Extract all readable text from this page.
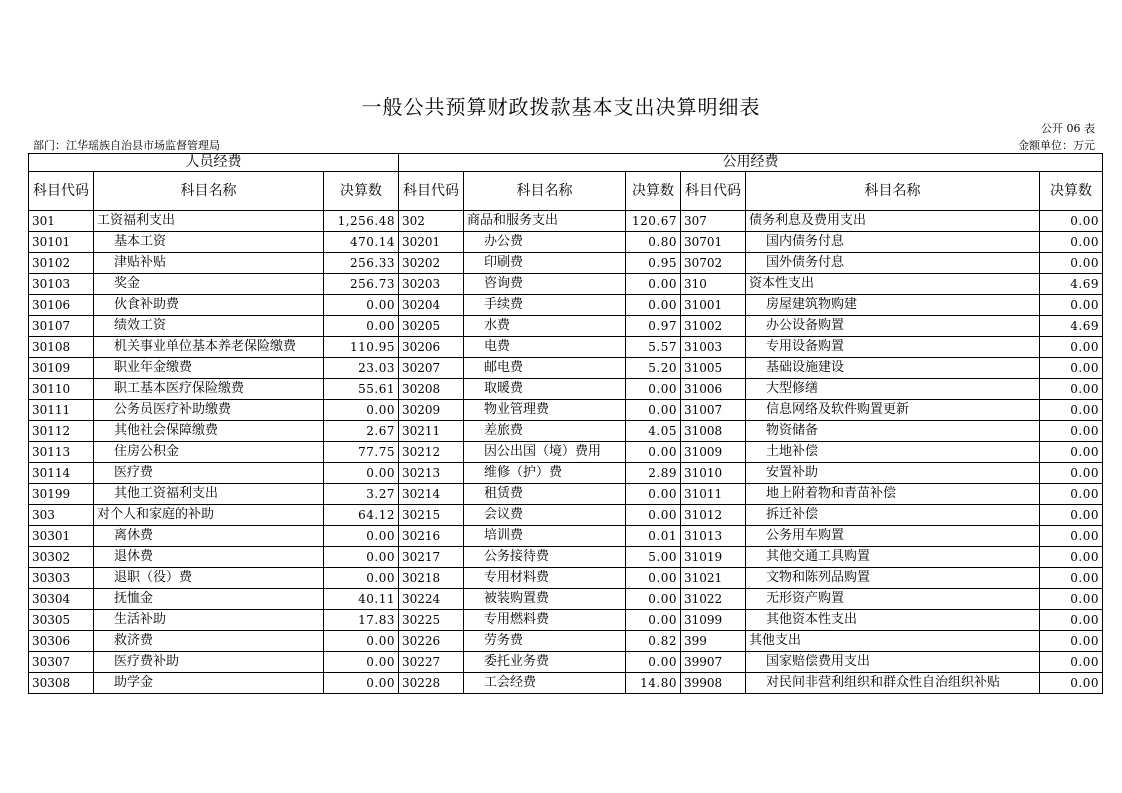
一般公共预算财政拨款基本支出决算明细表
公开 06 表
部门：江华瑶族自治县市场监督管理局	金额单位：万元
人员经费			公用经费					
科目代码	科目名称	决算数	科目代码	科目名称	决算数	科目代码	科目名称	决算数
301	工资福利支出	1,256.48	302	商品和服务支出	120.67	307	债务利息及费用支出	0.00
30101	基本工资	470.14	30201	办公费	0.80	30701	国内债务付息	0.00
30102	津贴补贴	256.33	30202	印刷费	0.95	30702	国外债务付息	0.00
30103	奖金	256.73	30203	咨询费	0.00	310	资本性支出	4.69
30106	伙食补助费	0.00	30204	手续费	0.00	31001	房屋建筑物购建	0.00
30107	绩效工资	0.00	30205	水费	0.97	31002	办公设备购置	4.69
30108	机关事业单位基本养老保险缴费	110.95	30206	电费	5.57	31003	专用设备购置	0.00
30109	职业年金缴费	23.03	30207	邮电费	5.20	31005	基础设施建设	0.00
30110	职工基本医疗保险缴费	55.61	30208	取暖费	0.00	31006	大型修缮	0.00
30111	公务员医疗补助缴费	0.00	30209	物业管理费	0.00	31007	信息网络及软件购置更新	0.00
30112	其他社会保障缴费	2.67	30211	差旅费	4.05	31008	物资储备	0.00
30113	住房公积金	77.75	30212	因公出国（境）费用	0.00	31009	土地补偿	0.00
30114	医疗费	0.00	30213	维修（护）费	2.89	31010	安置补助	0.00
30199	其他工资福利支出	3.27	30214	租赁费	0.00	31011	地上附着物和青苗补偿	0.00
303	对个人和家庭的补助	64.12	30215	会议费	0.00	31012	拆迁补偿	0.00
30301	离休费	0.00	30216	培训费	0.01	31013	公务用车购置	0.00
30302	退休费	0.00	30217	公务接待费	5.00	31019	其他交通工具购置	0.00
30303	退职（役）费	0.00	30218	专用材料费	0.00	31021	文物和陈列品购置	0.00
30304	抚恤金	40.11	30224	被装购置费	0.00	31022	无形资产购置	0.00
30305	生活补助	17.83	30225	专用燃料费	0.00	31099	其他资本性支出	0.00
30306	救济费	0.00	30226	劳务费	0.82	399	其他支出	0.00
30307	医疗费补助	0.00	30227	委托业务费	0.00	39907	国家赔偿费用支出	0.00
30308	助学金	0.00	30228	工会经费	14.80	39908	对民间非营利组织和群众性自治组织补贴	0.00
